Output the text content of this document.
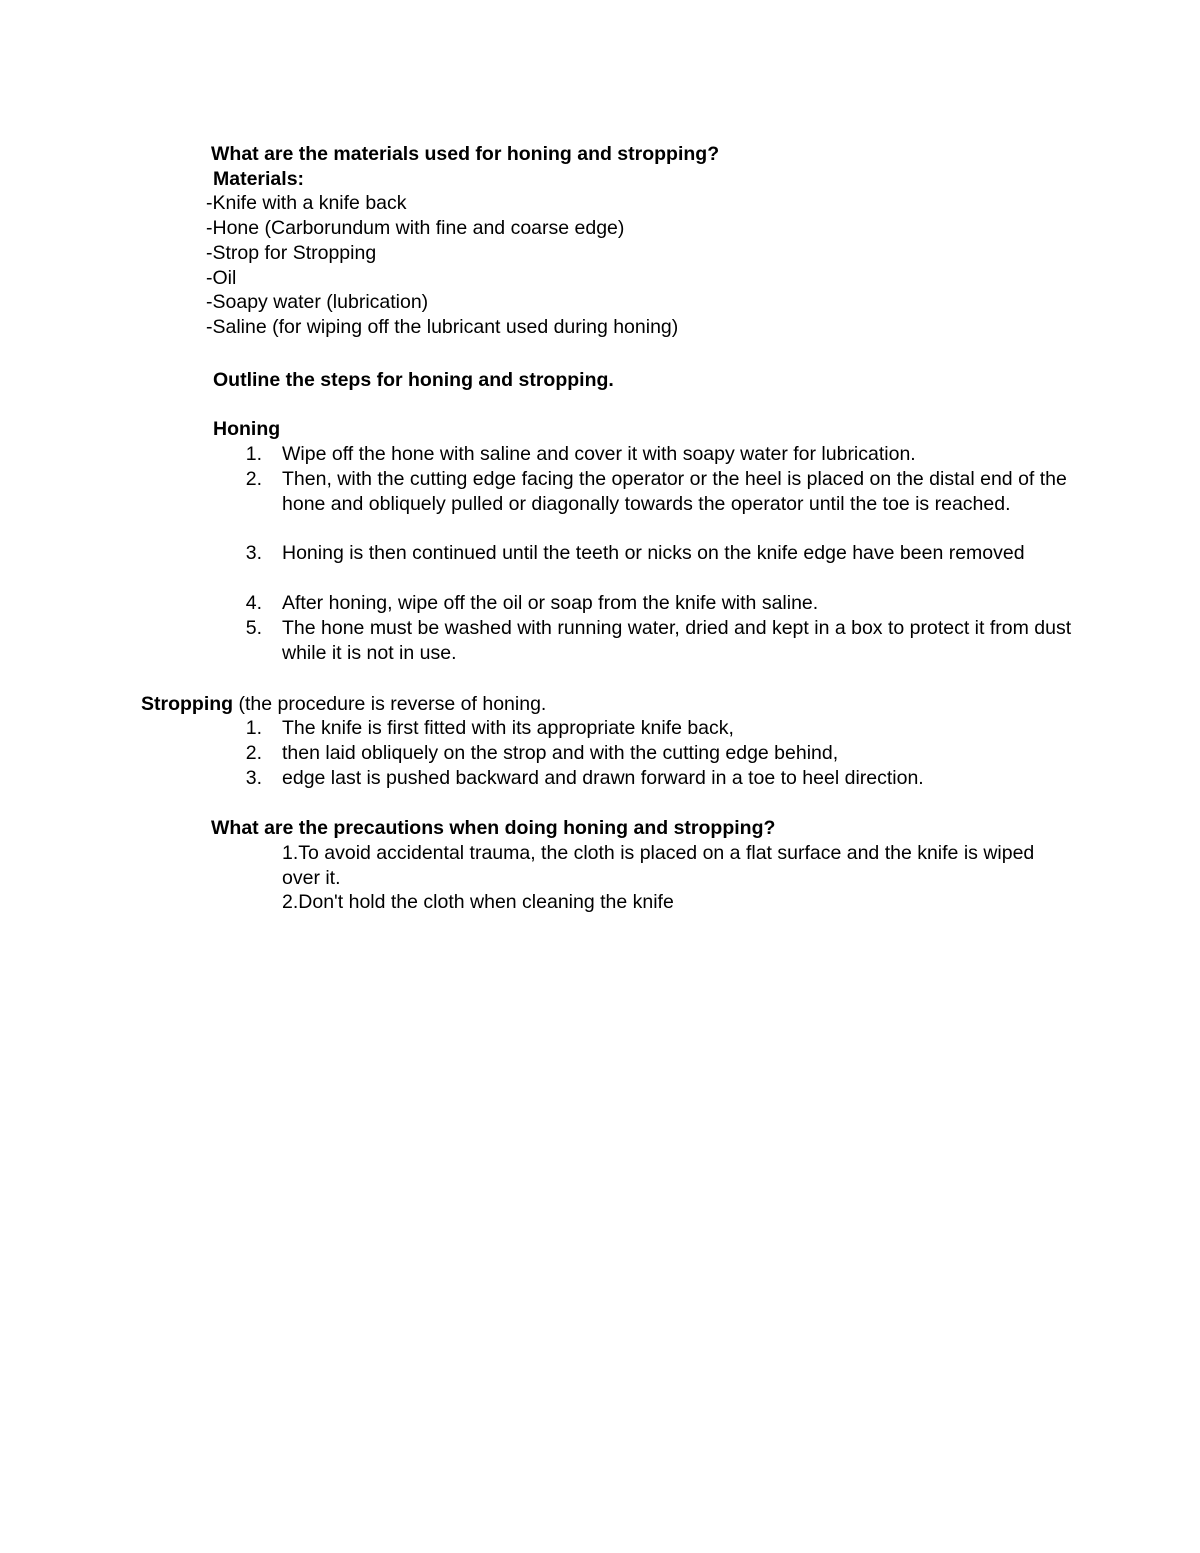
What are the materials used for honing and stropping?
Materials:
-Knife with a knife back
-Hone (Carborundum with fine and coarse edge)
-Strop for Stropping
-Oil
-Soapy water (lubrication)
-Saline (for wiping off the lubricant used during honing)
Outline the steps for honing and stropping.
Honing
1. Wipe off the hone with saline and cover it with soapy water for lubrication.
2. Then, with the cutting edge facing the operator or the heel is placed on the distal end of the hone and obliquely pulled or diagonally towards the operator until the toe is reached.
3. Honing is then continued until the teeth or nicks on the knife edge have been removed
4. After honing, wipe off the oil or soap from the knife with saline.
5. The hone must be washed with running water, dried and kept in a box to protect it from dust while it is not in use.
Stropping (the procedure is reverse of honing.
1. The knife is first fitted with its appropriate knife back,
2. then laid obliquely on the strop and with the cutting edge behind,
3. edge last is pushed backward and drawn forward in a toe to heel direction.
What are the precautions when doing honing and stropping?
1.To avoid accidental trauma, the cloth is placed on a flat surface and the knife is wiped over it.
2.Don't hold the cloth when cleaning the knife
